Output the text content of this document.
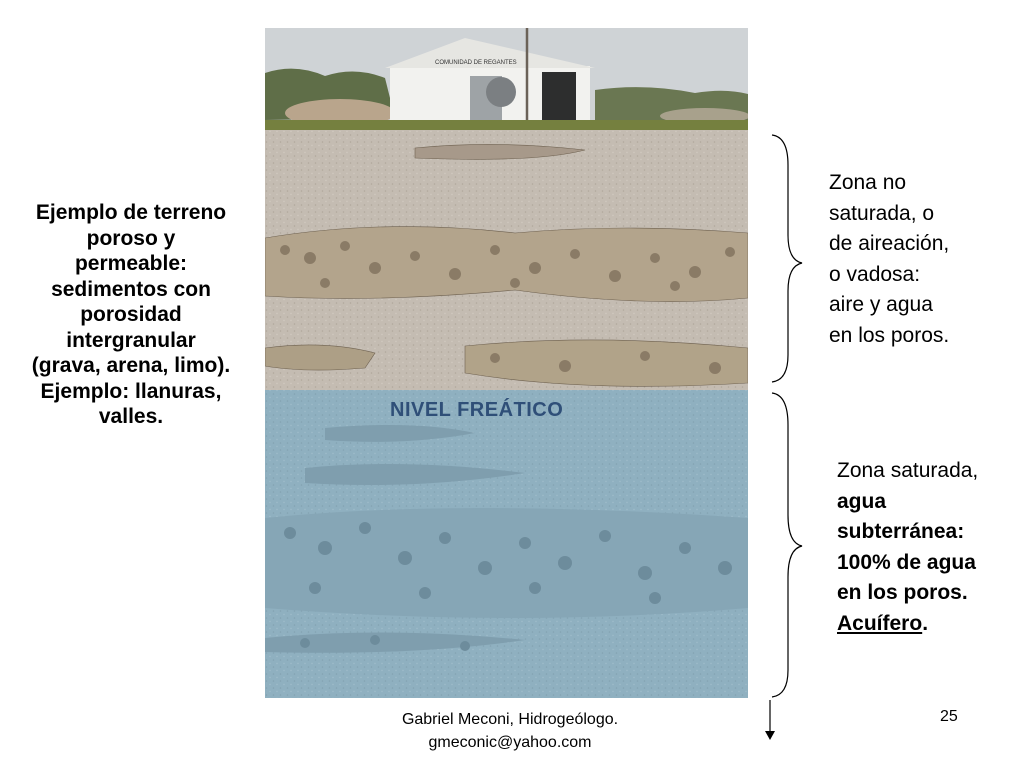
Ejemplo de terreno
poroso y
permeable:
sedimentos con
porosidad
intergranular
(grava, arena, limo).
Ejemplo: llanuras,
valles.
COMUNIDAD DE REGANTES
NIVEL FREÁTICO
Zona no
saturada, o
de aireación,
o vadosa:
aire y agua
en los poros.
Zona saturada,
agua
subterránea:
100% de agua
en los poros.
Acuífero.
Gabriel Meconi, Hidrogeólogo.
gmeconic@yahoo.com
25
